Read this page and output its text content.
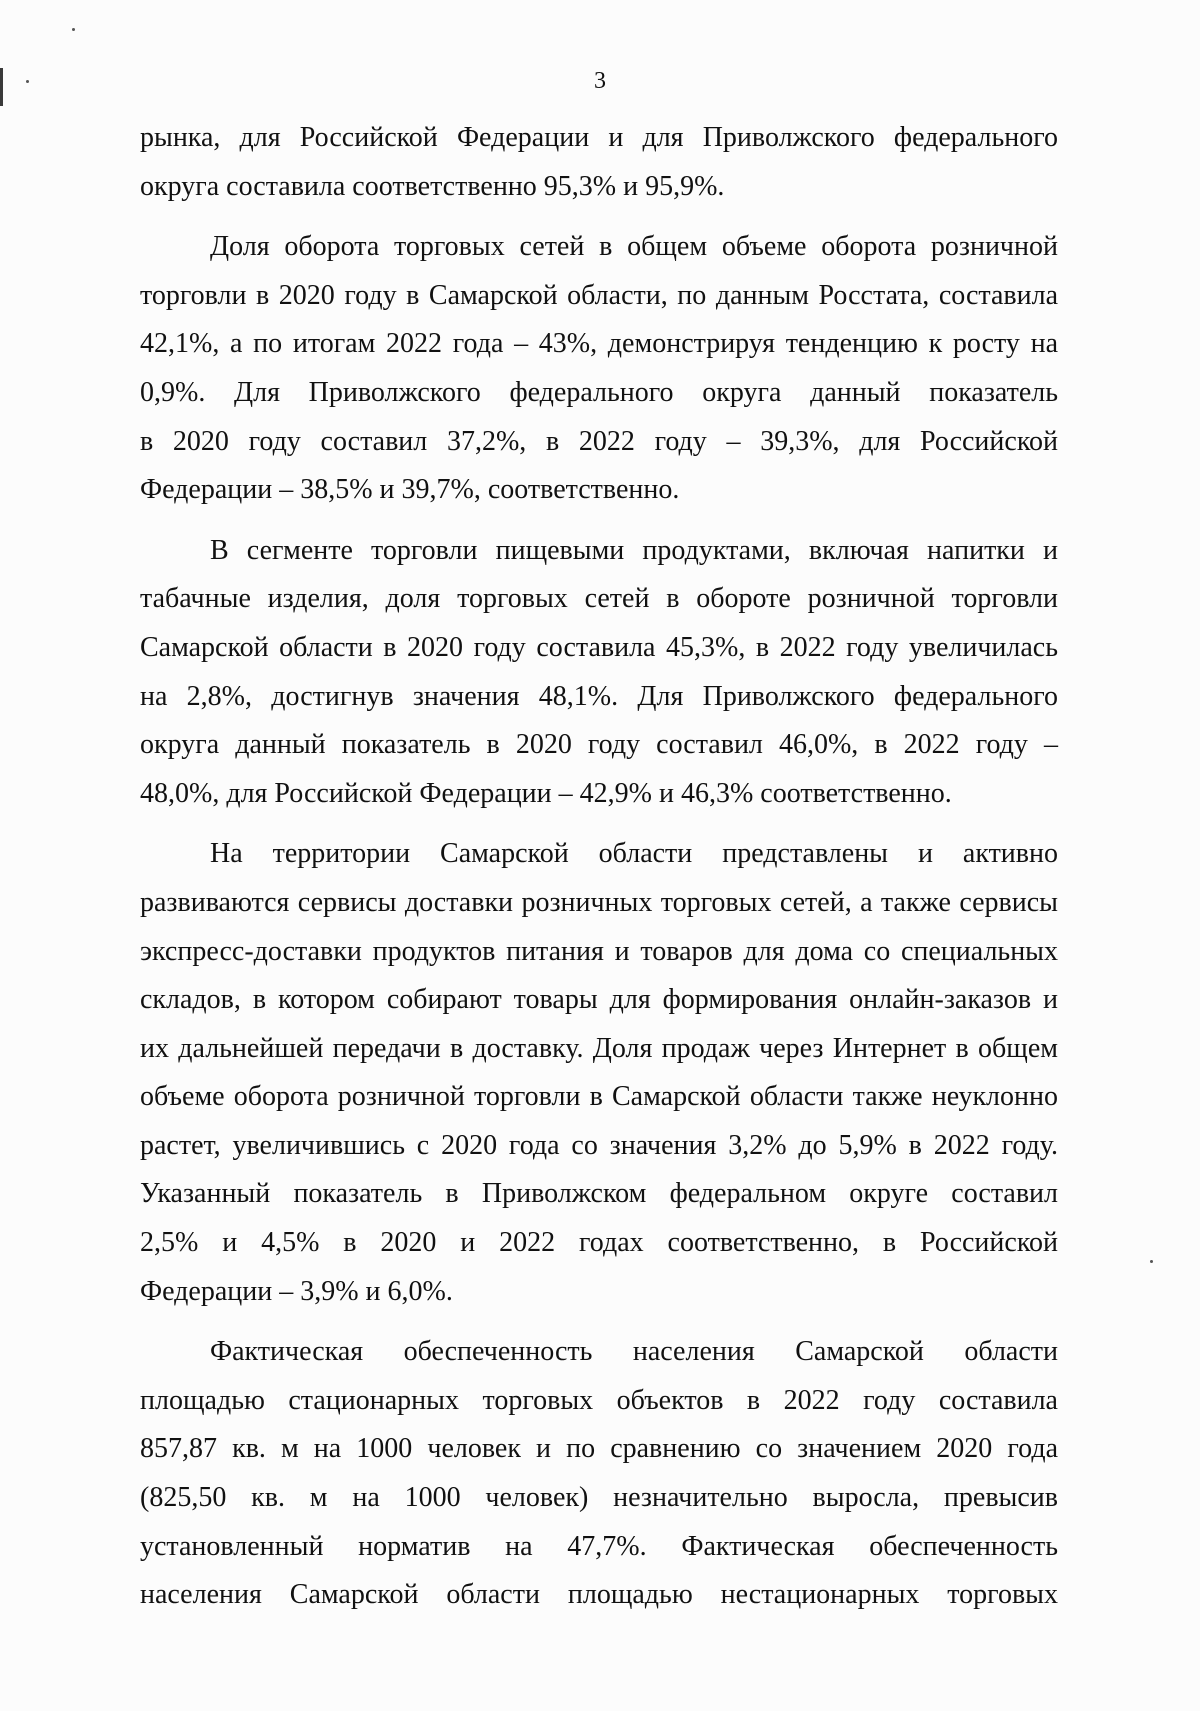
3
рынка, для Российской Федерации и для Приволжского федерального
округа составила соответственно 95,3% и 95,9%.
Доля оборота торговых сетей в общем объеме оборота розничной
торговли в 2020 году в Самарской области, по данным Росстата, составила
42,1%, а по итогам 2022 года – 43%, демонстрируя тенденцию к росту на
0,9%. Для Приволжского федерального округа данный показатель
в 2020 году составил 37,2%, в 2022 году – 39,3%, для Российской
Федерации – 38,5% и 39,7%, соответственно.
В сегменте торговли пищевыми продуктами, включая напитки и
табачные изделия, доля торговых сетей в обороте розничной торговли
Самарской области в 2020 году составила 45,3%, в 2022 году увеличилась
на 2,8%, достигнув значения 48,1%. Для Приволжского федерального
округа данный показатель в 2020 году составил 46,0%, в 2022 году –
48,0%, для Российской Федерации – 42,9% и 46,3% соответственно.
На территории Самарской области представлены и активно
развиваются сервисы доставки розничных торговых сетей, а также сервисы
экспресс-доставки продуктов питания и товаров для дома со специальных
складов, в котором собирают товары для формирования онлайн-заказов и
их дальнейшей передачи в доставку. Доля продаж через Интернет в общем
объеме оборота розничной торговли в Самарской области также неуклонно
растет, увеличившись с 2020 года со значения 3,2% до 5,9% в 2022 году.
Указанный показатель в Приволжском федеральном округе составил
2,5% и 4,5% в 2020 и 2022 годах соответственно, в Российской
Федерации – 3,9% и 6,0%.
Фактическая обеспеченность населения Самарской области
площадью стационарных торговых объектов в 2022 году составила
857,87 кв. м на 1000 человек и по сравнению со значением 2020 года
(825,50 кв. м на 1000 человек) незначительно выросла, превысив
установленный норматив на 47,7%. Фактическая обеспеченность
населения Самарской области площадью нестационарных торговых
